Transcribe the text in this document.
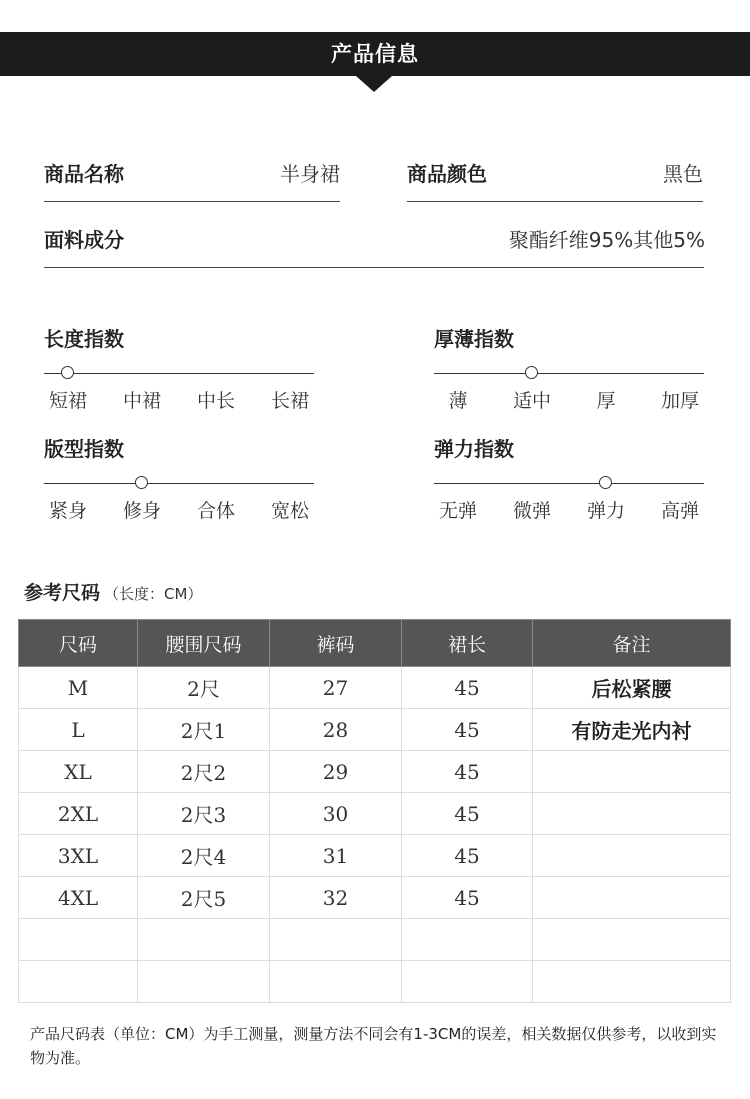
产品信息
商品名称	半身裙	商品颜色	黑色
面料成分	聚酯纤维95%其他5%
长度指数
短裙	中裙	中长	长裙
厚薄指数
薄	适中	厚	加厚
版型指数
紧身	修身	合体	宽松
弹力指数
无弹	微弹	弹力	高弹
参考尺码 （长度：CM）
尺码	腰围尺码	裤码	裙长	备注
M	2尺	27	45	后松紧腰
L	2尺1	28	45	有防走光内衬
XL	2尺2	29	45	
2XL	2尺3	30	45	
3XL	2尺4	31	45	
4XL	2尺5	32	45	

产品尺码表（单位：CM）为手工测量，测量方法不同会有1-3CM的误差，相关数据仅供参考，以收到实物为准。
